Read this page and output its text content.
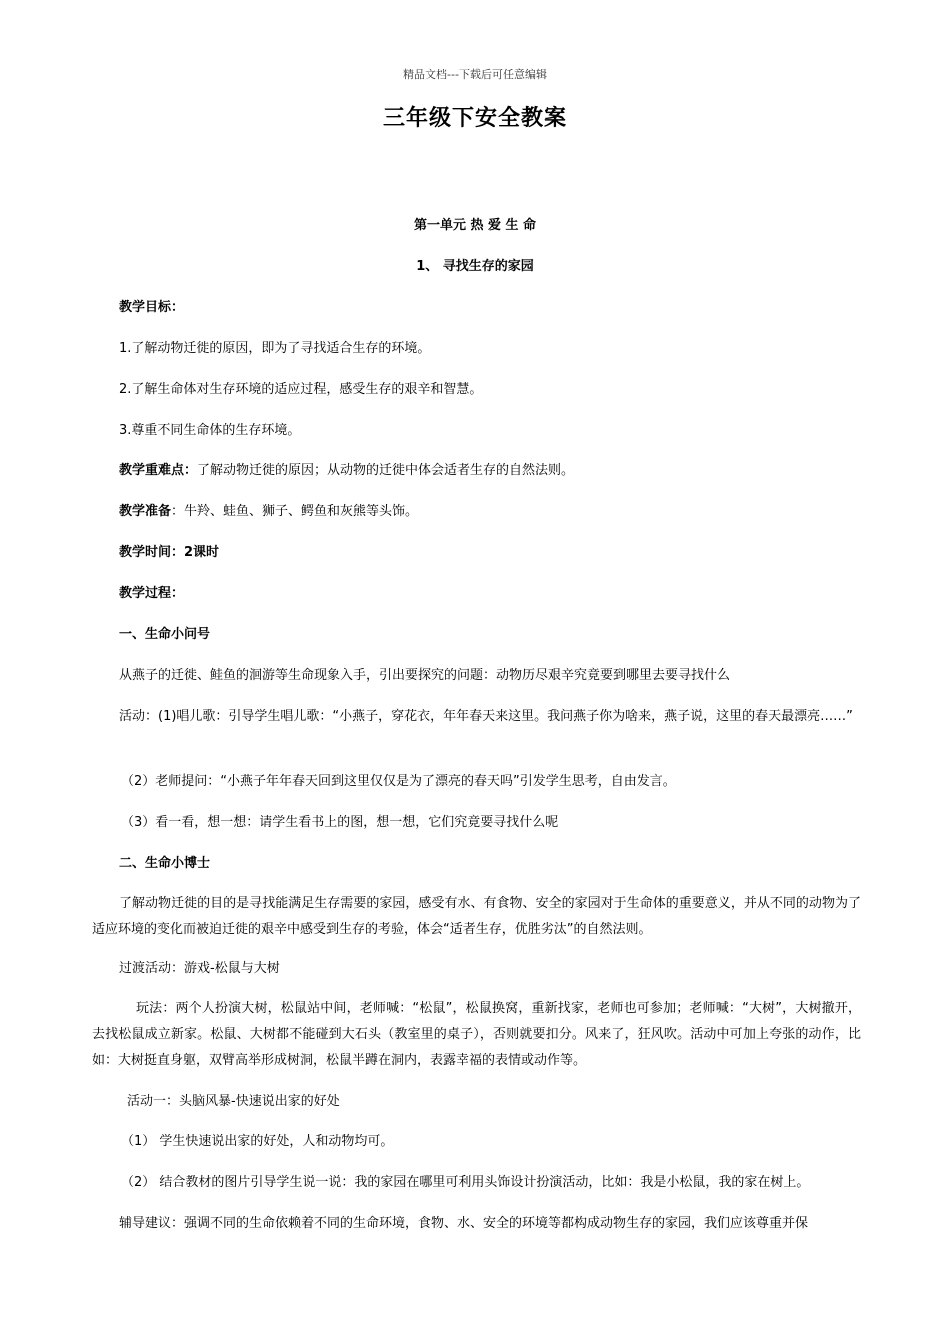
精品文档---下载后可任意编辑
三年级下安全教案
第一单元 热 爱 生 命
1、 寻找生存的家园
教学目标：
1.了解动物迁徙的原因，即为了寻找适合生存的环境。
2.了解生命体对生存环境的适应过程，感受生存的艰辛和智慧。
3.尊重不同生命体的生存环境。
教学重难点：了解动物迁徙的原因；从动物的迁徙中体会适者生存的自然法则。
教学准备：牛羚、蛙鱼、狮子、鳄鱼和灰熊等头饰。
教学时间：2课时
教学过程：
一、生命小问号
从燕子的迁徙、鲑鱼的洄游等生命现象入手，引出要探究的问题：动物历尽艰辛究竟要到哪里去要寻找什么
活动：(1)唱儿歌：引导学生唱儿歌：“小燕子，穿花衣，年年春天来这里。我问燕子你为啥来，燕子说，这里的春天最漂亮……”
（2）老师提问：“小燕子年年春天回到这里仅仅是为了漂亮的春天吗”引发学生思考，自由发言。
（3）看一看，想一想：请学生看书上的图，想一想，它们究竟要寻找什么呢
二、生命小博士
了解动物迁徙的目的是寻找能满足生存需要的家园，感受有水、有食物、安全的家园对于生命体的重要意义，并从不同的动物为了适应环境的变化而被迫迁徙的艰辛中感受到生存的考验，体会“适者生存，优胜劣汰”的自然法则。
过渡活动：游戏-松鼠与大树
玩法：两个人扮演大树，松鼠站中间，老师喊：“松鼠”，松鼠换窝，重新找家，老师也可参加；老师喊：“大树”，大树撤开，去找松鼠成立新家。松鼠、大树都不能碰到大石头（教室里的桌子），否则就要扣分。风来了，狂风吹。活动中可加上夸张的动作，比如：大树挺直身躯，双臂高举形成树洞，松鼠半蹲在洞内，表露幸福的表情或动作等。
活动一：头脑风暴-快速说出家的好处
（1） 学生快速说出家的好处，人和动物均可。
（2） 结合教材的图片引导学生说一说：我的家园在哪里可利用头饰设计扮演活动，比如：我是小松鼠，我的家在树上。
辅导建议：强调不同的生命依赖着不同的生命环境，食物、水、安全的环境等都构成动物生存的家园，我们应该尊重并保
